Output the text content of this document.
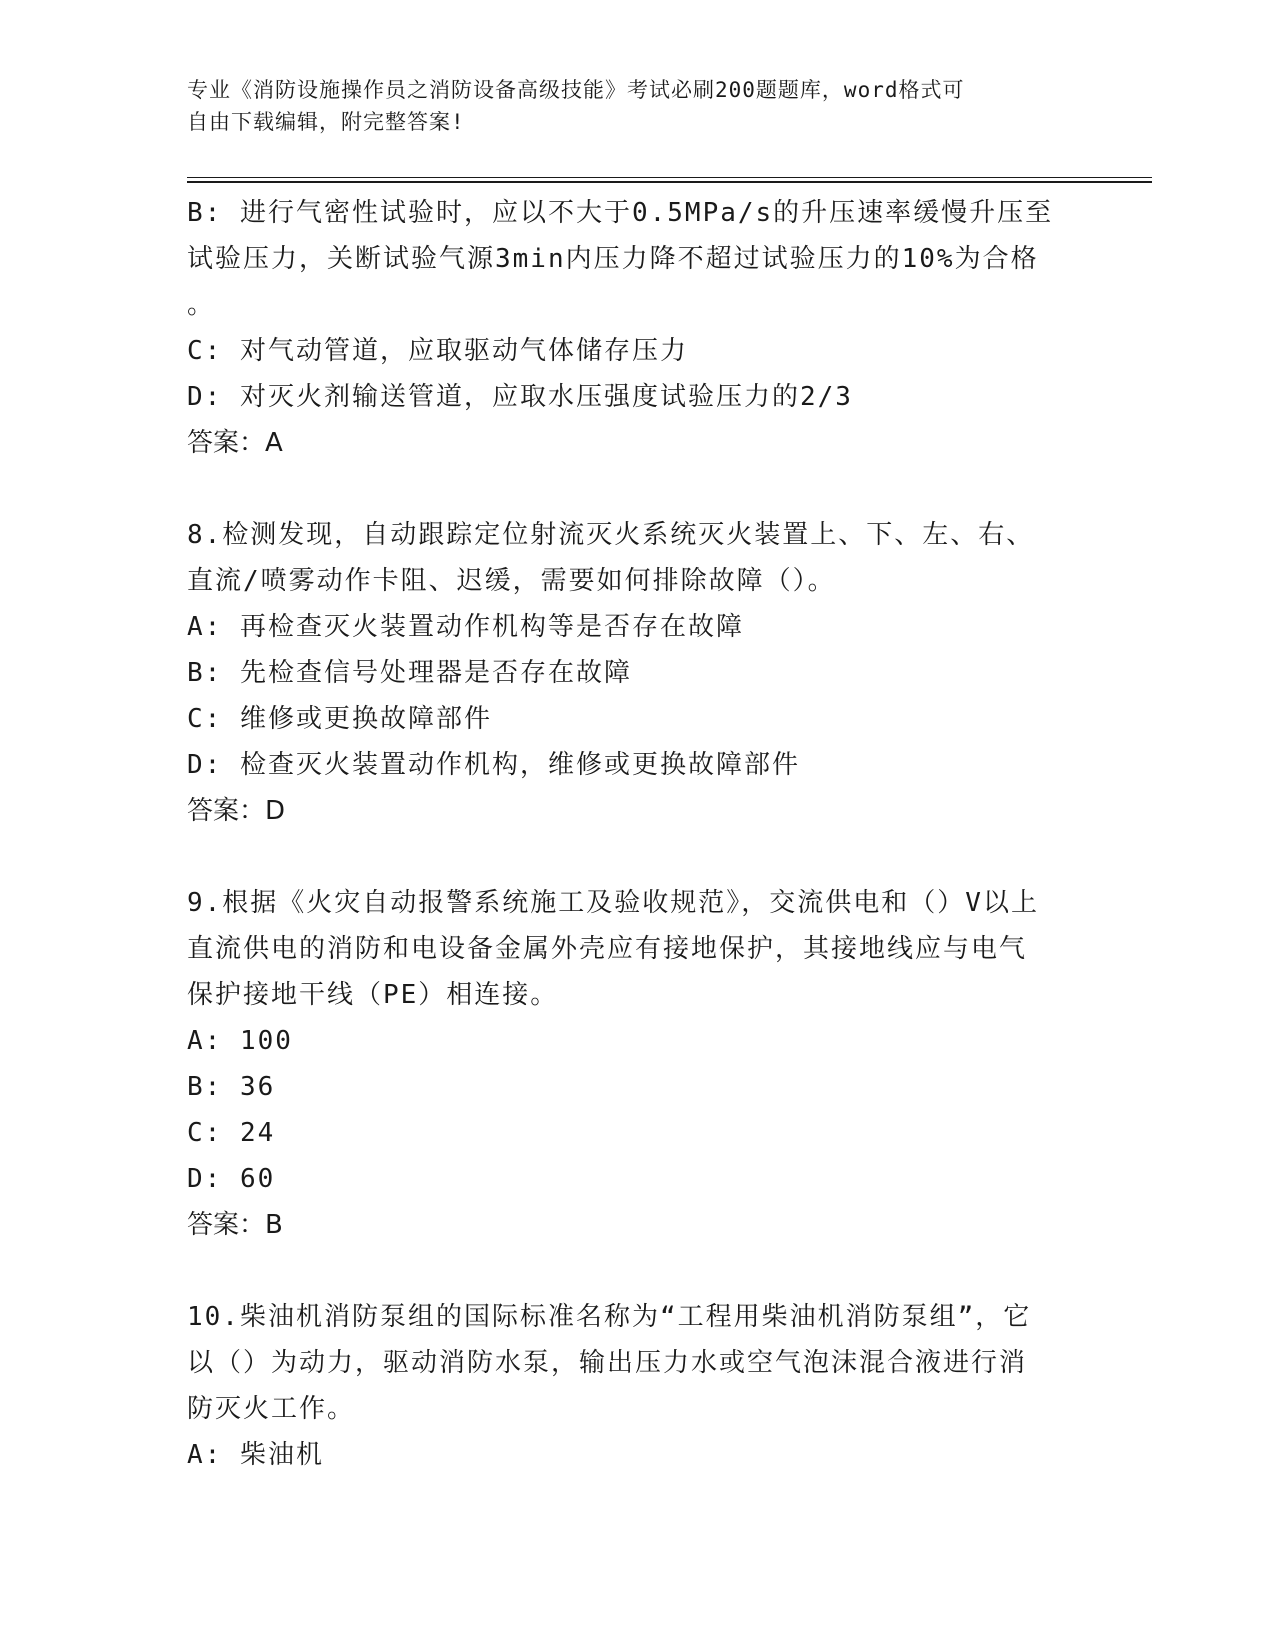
专业《消防设施操作员之消防设备高级技能》考试必刷200题题库，word格式可
自由下载编辑，附完整答案!
B: 进行气密性试验时，应以不大于0.5MPa/s的升压速率缓慢升压至
试验压力，关断试验气源3min内压力降不超过试验压力的10%为合格
。
C: 对气动管道，应取驱动气体储存压力
D: 对灭火剂输送管道，应取水压强度试验压力的2/3
答案：A
8.检测发现，自动跟踪定位射流灭火系统灭火装置上、下、左、右、
直流/喷雾动作卡阻、迟缓，需要如何排除故障（）。
A: 再检查灭火装置动作机构等是否存在故障
B: 先检查信号处理器是否存在故障
C: 维修或更换故障部件
D: 检查灭火装置动作机构，维修或更换故障部件
答案：D
9.根据《火灾自动报警系统施工及验收规范》，交流供电和（）V以上
直流供电的消防和电设备金属外壳应有接地保护，其接地线应与电气
保护接地干线（PE）相连接。
A: 100
B: 36
C: 24
D: 60
答案：B
10.柴油机消防泵组的国际标准名称为“工程用柴油机消防泵组”，它
以（）为动力，驱动消防水泵，输出压力水或空气泡沫混合液进行消
防灭火工作。
A: 柴油机
